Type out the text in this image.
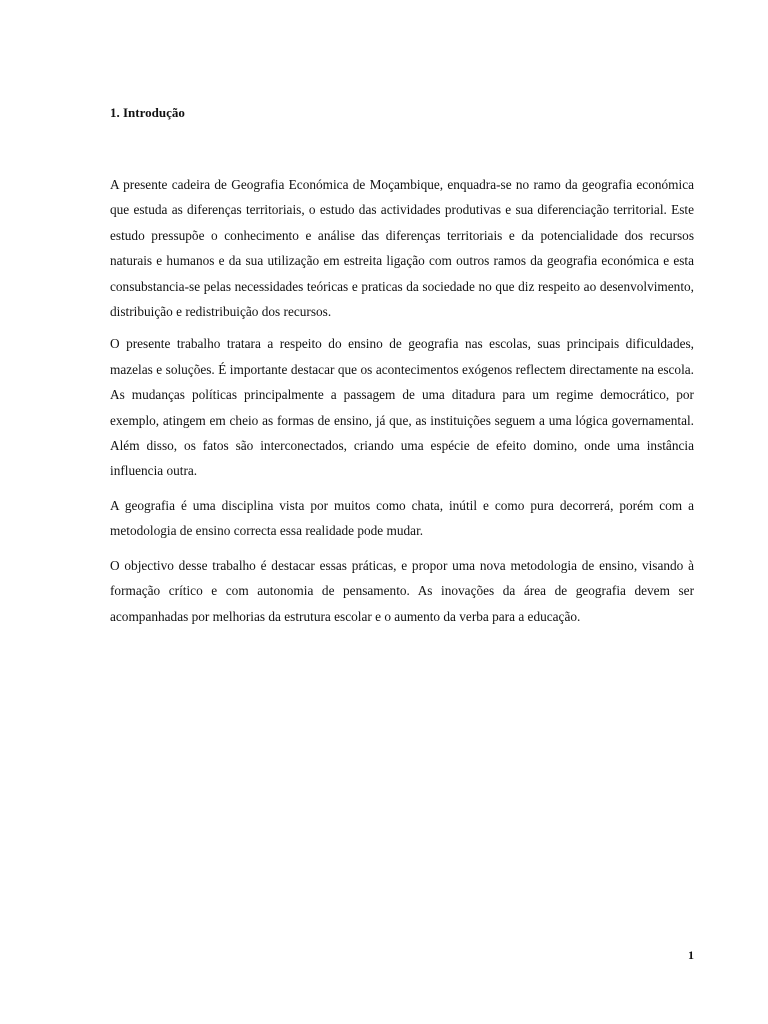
1. Introdução

A presente cadeira de Geografia Económica de Moçambique, enquadra-se no ramo da geografia económica que estuda as diferenças territoriais, o estudo das actividades produtivas e sua diferenciação territorial. Este estudo pressupõe o conhecimento e análise das diferenças territoriais e da potencialidade dos recursos naturais e humanos e da sua utilização em estreita ligação com outros ramos da geografia económica e esta consubstancia-se pelas necessidades teóricas e praticas da sociedade no que diz respeito ao desenvolvimento, distribuição e redistribuição dos recursos.

O presente trabalho tratara a respeito do ensino de geografia nas escolas, suas principais dificuldades, mazelas e soluções. É importante destacar que os acontecimentos exógenos reflectem directamente na escola. As mudanças políticas principalmente a passagem de uma ditadura para um regime democrático, por exemplo, atingem em cheio as formas de ensino, já que, as instituições seguem a uma lógica governamental. Além disso, os fatos são interconectados, criando uma espécie de efeito domino, onde uma instância influencia outra.

A geografia é uma disciplina vista por muitos como chata, inútil e como pura decorrerá, porém com a metodologia de ensino correcta essa realidade pode mudar.

O objectivo desse trabalho é destacar essas práticas, e propor uma nova metodologia de ensino, visando à formação crítico e com autonomia de pensamento. As inovações da área de geografia devem ser acompanhadas por melhorias da estrutura escolar e o aumento da verba para a educação.

1
